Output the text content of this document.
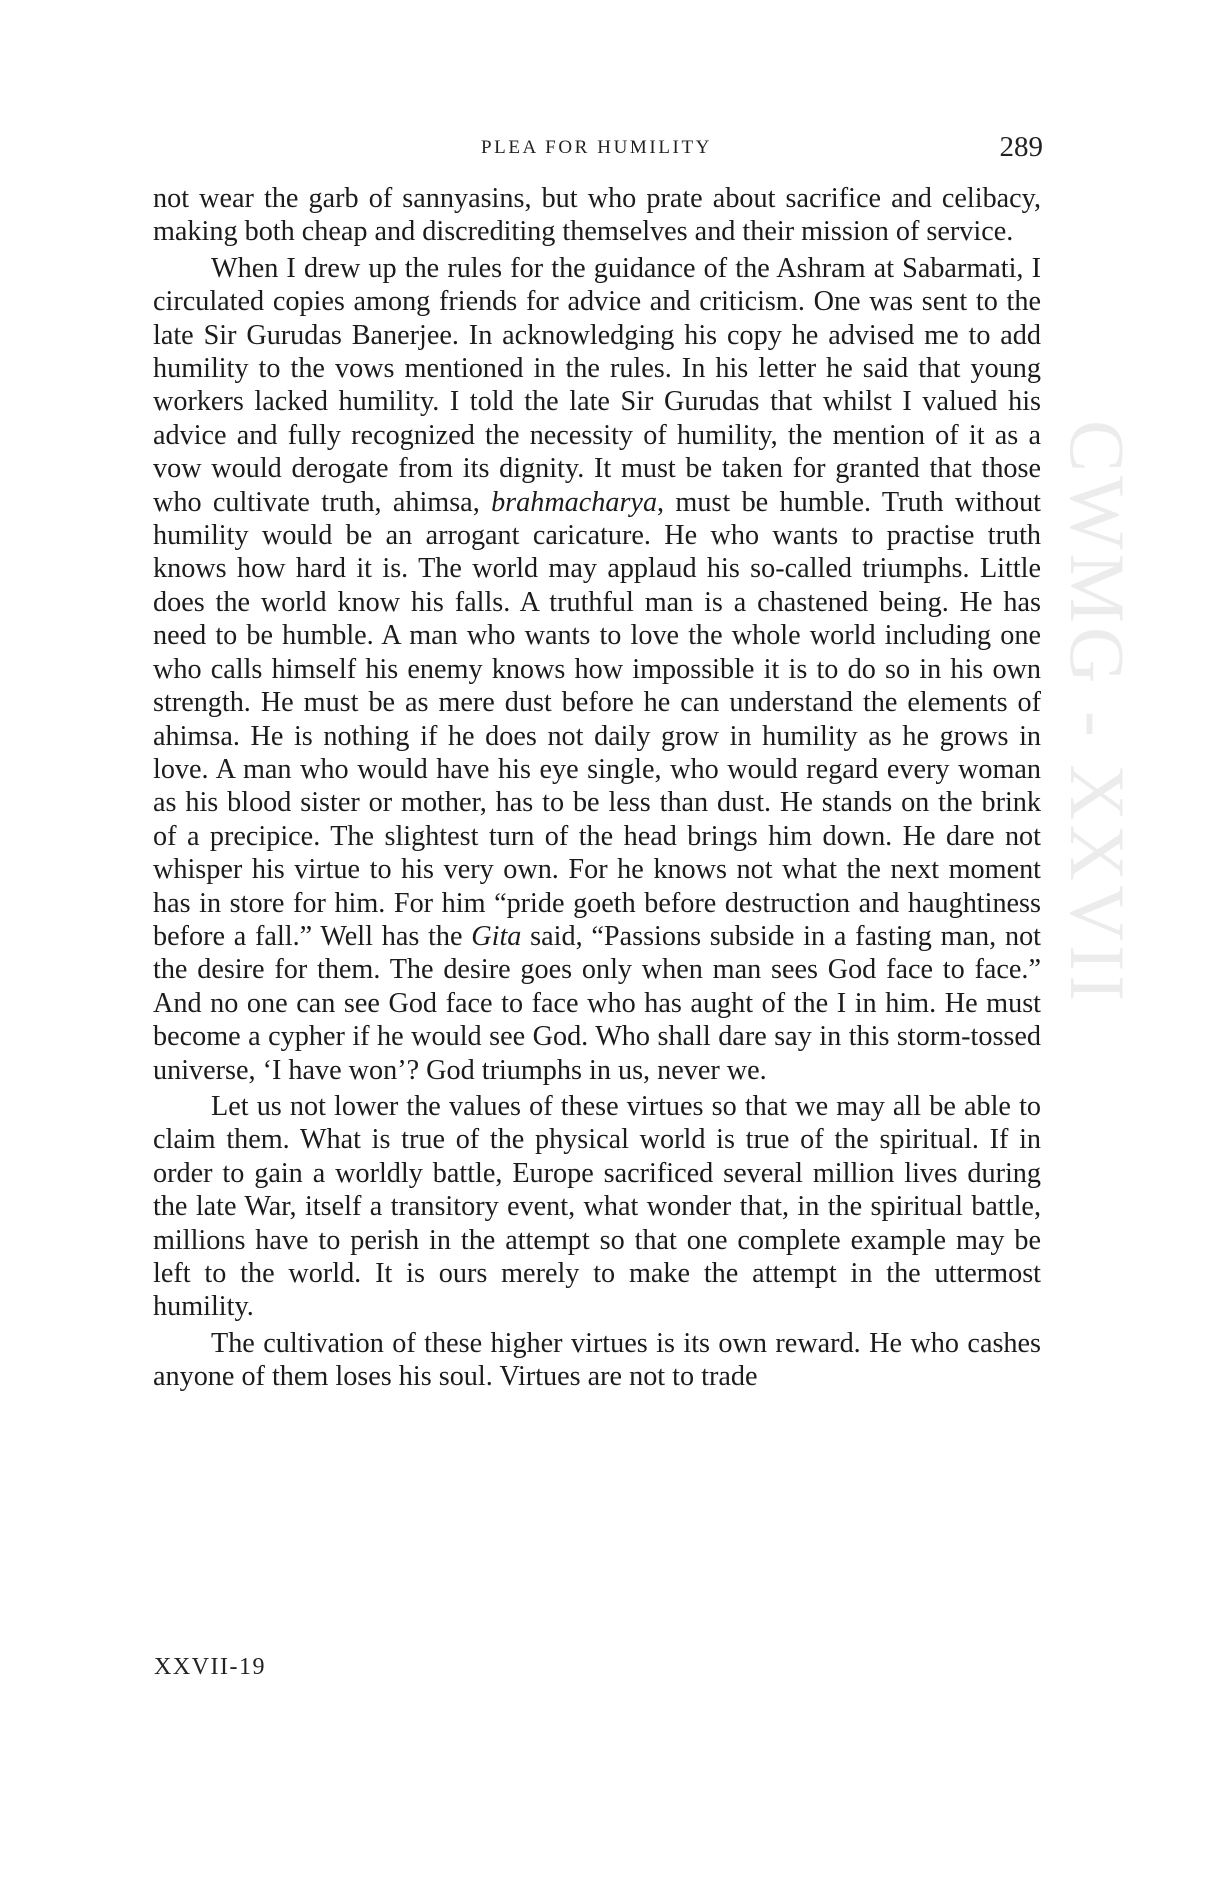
CWMG - XXVII
PLEA FOR HUMILITY	289

not wear the garb of sannyasins, but who prate about sacrifice and celibacy, making both cheap and discrediting themselves and their mission of service.

When I drew up the rules for the guidance of the Ashram at Sabarmati, I circulated copies among friends for advice and criticism. One was sent to the late Sir Gurudas Banerjee. In acknowledging his copy he advised me to add humility to the vows mentioned in the rules. In his letter he said that young workers lacked humility. I told the late Sir Gurudas that whilst I valued his advice and fully recognized the necessity of humility, the mention of it as a vow would derogate from its dignity. It must be taken for granted that those who cultivate truth, ahimsa, brahmacharya, must be humble. Truth without humility would be an arrogant caricature. He who wants to practise truth knows how hard it is. The world may applaud his so-called triumphs. Little does the world know his falls. A truthful man is a chastened being. He has need to be humble. A man who wants to love the whole world including one who calls himself his enemy knows how impossible it is to do so in his own strength. He must be as mere dust before he can understand the elements of ahimsa. He is nothing if he does not daily grow in humility as he grows in love. A man who would have his eye single, who would regard every woman as his blood sister or mother, has to be less than dust. He stands on the brink of a precipice. The slightest turn of the head brings him down. He dare not whisper his virtue to his very own. For he knows not what the next moment has in store for him. For him “pride goeth before destruction and haughtiness before a fall.” Well has the Gita said, “Passions subside in a fasting man, not the desire for them. The desire goes only when man sees God face to face.” And no one can see God face to face who has aught of the I in him. He must become a cypher if he would see God. Who shall dare say in this storm-tossed universe, ‘I have won’? God triumphs in us, never we.

Let us not lower the values of these virtues so that we may all be able to claim them. What is true of the physical world is true of the spiritual. If in order to gain a worldly battle, Europe sacrificed several million lives during the late War, itself a transitory event, what wonder that, in the spiritual battle, millions have to perish in the attempt so that one complete example may be left to the world. It is ours merely to make the attempt in the uttermost humility.

The cultivation of these higher virtues is its own reward. He who cashes anyone of them loses his soul. Virtues are not to trade

XXVII-19
